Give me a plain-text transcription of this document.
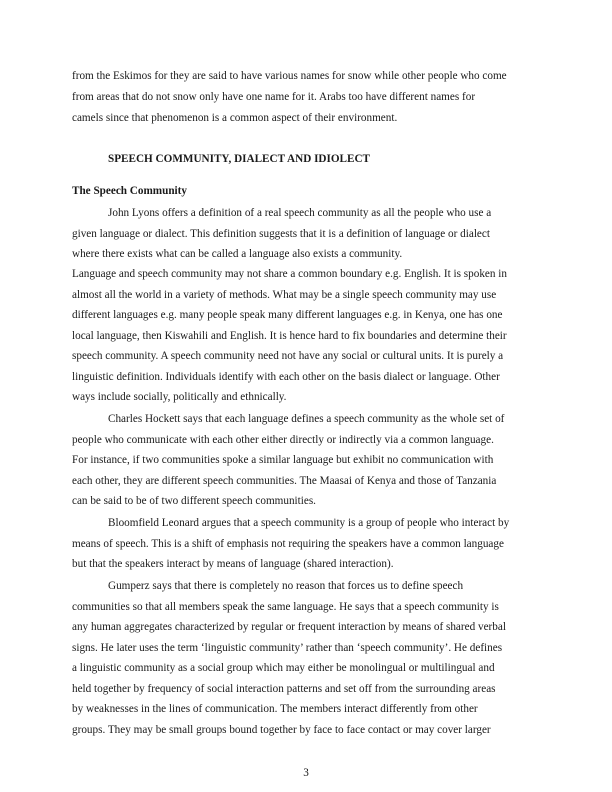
from the Eskimos for they are said to have various names for snow while other people who come
from areas that do not snow only have one name for it. Arabs too have different names for
camels since that phenomenon is a common aspect of their environment.
SPEECH COMMUNITY, DIALECT AND IDIOLECT
The Speech Community
John Lyons offers a definition of a real speech community as all the people who use a
given language or dialect. This definition suggests that it is a definition of language or dialect
where there exists what can be called a language also exists a community.
Language and speech community may not share a common boundary e.g. English. It is spoken in
almost all the world in a variety of methods. What may be a single speech community may use
different languages e.g. many people speak many different languages e.g. in Kenya, one has one
local language, then Kiswahili and English. It is hence hard to fix boundaries and determine their
speech community. A speech community need not have any social or cultural units. It is purely a
linguistic definition. Individuals identify with each other on the basis dialect or language. Other
ways include socially, politically and ethnically.
Charles Hockett says that each language defines a speech community as the whole set of
people who communicate with each other either directly or indirectly via a common language.
For instance, if two communities spoke a similar language but exhibit no communication with
each other, they are different speech communities. The Maasai of Kenya and those of Tanzania
can be said to be of two different speech communities.
Bloomfield Leonard argues that a speech community is a group of people who interact by
means of speech. This is a shift of emphasis not requiring the speakers have a common language
but that the speakers interact by means of language (shared interaction).
Gumperz says that there is completely no reason that forces us to define speech
communities so that all members speak the same language. He says that a speech community is
any human aggregates characterized by regular or frequent interaction by means of shared verbal
signs. He later uses the term ‘linguistic community’ rather than ‘speech community’. He defines
a linguistic community as a social group which may either be monolingual or multilingual and
held together by frequency of social interaction patterns and set off from the surrounding areas
by weaknesses in the lines of communication. The members interact differently from other
groups. They may be small groups bound together by face to face contact or may cover larger
3
